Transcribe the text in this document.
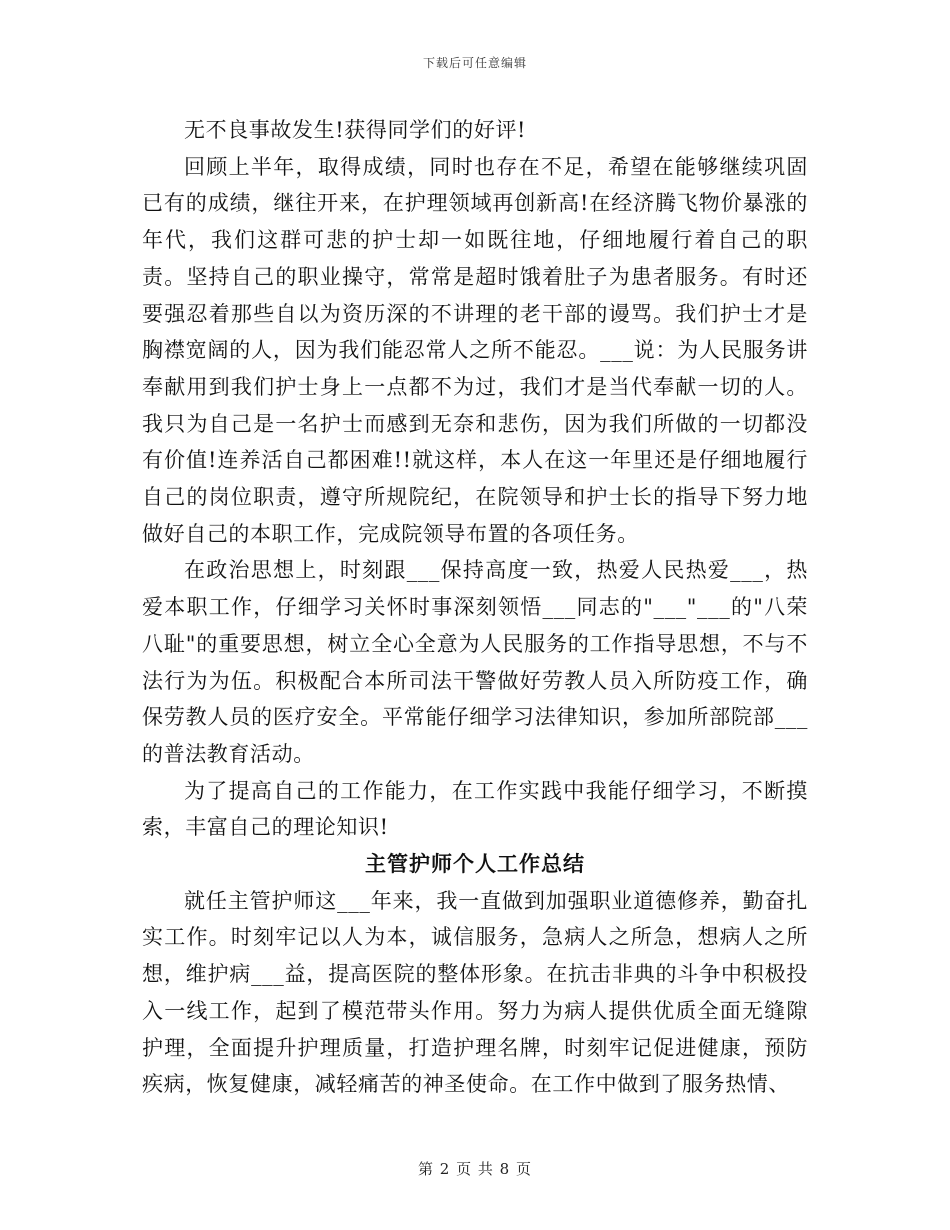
下载后可任意编辑

无不良事故发生!获得同学们的好评!

回顾上半年，取得成绩，同时也存在不足，希望在能够继续巩固已有的成绩，继往开来，在护理领域再创新高!在经济腾飞物价暴涨的年代，我们这群可悲的护士却一如既往地，仔细地履行着自己的职责。坚持自己的职业操守，常常是超时饿着肚子为患者服务。有时还要强忍着那些自以为资历深的不讲理的老干部的谩骂。我们护士才是胸襟宽阔的人，因为我们能忍常人之所不能忍。___说：为人民服务讲奉献用到我们护士身上一点都不为过，我们才是当代奉献一切的人。我只为自己是一名护士而感到无奈和悲伤，因为我们所做的一切都没有价值!连养活自己都困难!!就这样，本人在这一年里还是仔细地履行自己的岗位职责，遵守所规院纪，在院领导和护士长的指导下努力地做好自己的本职工作，完成院领导布置的各项任务。

在政治思想上，时刻跟___保持高度一致，热爱人民热爱___，热爱本职工作，仔细学习关怀时事深刻领悟___同志的"___"___的"八荣八耻"的重要思想，树立全心全意为人民服务的工作指导思想，不与不法行为为伍。积极配合本所司法干警做好劳教人员入所防疫工作，确保劳教人员的医疗安全。平常能仔细学习法律知识，参加所部院部___的普法教育活动。

为了提高自己的工作能力，在工作实践中我能仔细学习，不断摸索，丰富自己的理论知识!

主管护师个人工作总结

就任主管护师这___年来，我一直做到加强职业道德修养，勤奋扎实工作。时刻牢记以人为本，诚信服务，急病人之所急，想病人之所想，维护病___益，提高医院的整体形象。在抗击非典的斗争中积极投入一线工作，起到了模范带头作用。努力为病人提供优质全面无缝隙护理，全面提升护理质量，打造护理名牌，时刻牢记促进健康，预防疾病，恢复健康，减轻痛苦的神圣使命。在工作中做到了服务热情、

第 2 页 共 8 页
